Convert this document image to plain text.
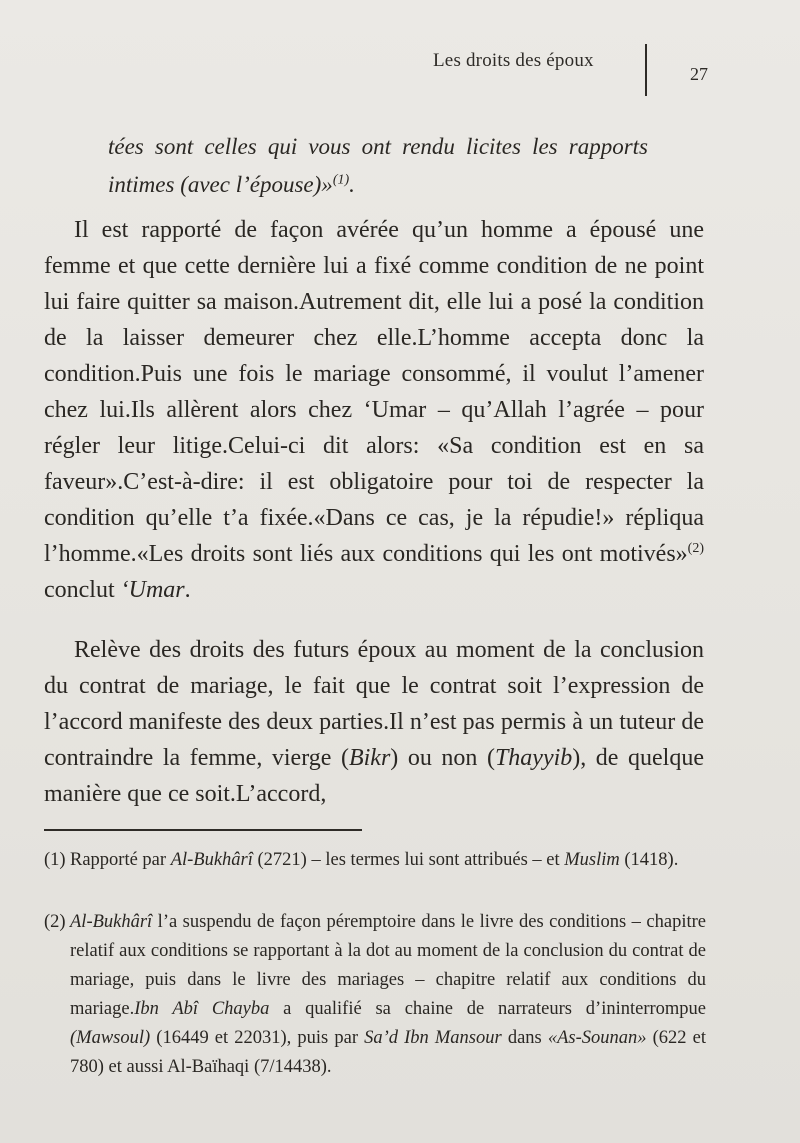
Les droits des époux
27
tées sont celles qui vous ont rendu licites les rapports intimes (avec l’épouse)»$^{(1)}$.
Il est rapporté de façon avérée qu’un homme a épousé une femme et que cette dernière lui a fixé comme condition de ne point lui faire quitter sa maison.Autrement dit, elle lui a posé la condition de la laisser demeurer chez elle.L’homme accepta donc la condition.Puis une fois le mariage consommé, il voulut l’amener chez lui.Ils allèrent alors chez ‘Umar – qu’Allah l’agrée – pour régler leur litige.Celui-ci dit alors: «Sa condition est en sa faveur».C’est-à-dire: il est obligatoire pour toi de respecter la condition qu’elle t’a fixée.«Dans ce cas, je la répudie!» répliqua l’homme.«Les droits sont liés aux conditions qui les ont motivés»$^{(2)}$ conclut ‘Umar.
Relève des droits des futurs époux au moment de la conclusion du contrat de mariage, le fait que le contrat soit l’expression de l’accord manifeste des deux parties.Il n’est pas permis à un tuteur de contraindre la femme, vierge (Bikr) ou non (Thayyib), de quelque manière que ce soit.L’accord,
(1) Rapporté par Al-Bukhârî (2721) – les termes lui sont attribués – et Muslim (1418).
(2) Al-Bukhârî l’a suspendu de façon péremptoire dans le livre des conditions – chapitre relatif aux conditions se rapportant à la dot au moment de la conclusion du contrat de mariage, puis dans le livre des mariages – chapitre relatif aux conditions du mariage.Ibn Abî Chayba a qualifié sa chaine de narrateurs d’ininterrompue (Mawsoul) (16449 et 22031), puis par Sa’d Ibn Mansour dans «As-Sounan» (622 et 780) et aussi Al-Baïhaqi (7/14438).
